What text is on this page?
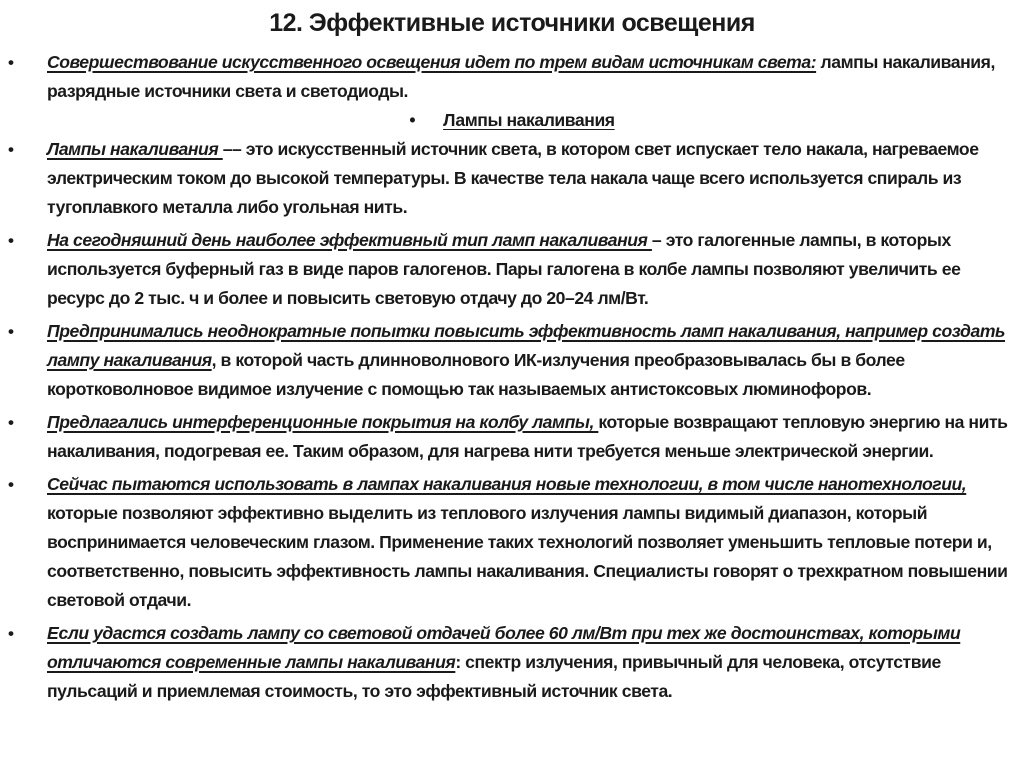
12. Эффективные источники освещения
• Совершествование искусственного освещения идет по трем видам источникам света: лампы накаливания, разрядные источники света и светодиоды.
• Лампы накаливания
• Лампы накаливания –– это искусственный источник света, в котором свет испускает тело накала, нагреваемое электрическим током до высокой температуры. В качестве тела накала чаще всего используется спираль из тугоплавкого металла либо угольная нить.
• На сегодняшний день наиболее эффективный тип ламп накаливания – это галогенные лампы, в которых используется буферный газ в виде паров галогенов. Пары галогена в колбе лампы позволяют увеличить ее ресурс до 2 тыс. ч и более и повысить световую отдачу до 20–24 лм/Вт.
• Предпринимались неоднократные попытки повысить эффективность ламп накаливания, например создать лампу накаливания, в которой часть длинноволнового ИК-излучения преобразовывалась бы в более коротковолновое видимое излучение с помощью так называемых антистоксовых люминофоров.
• Предлагались интерференционные покрытия на колбу лампы, которые возвращают тепловую энергию на нить накаливания, подогревая ее. Таким образом, для нагрева нити требуется меньше электрической энергии.
• Сейчас пытаются использовать в лампах накаливания новые технологии, в том числе нанотехнологии, которые позволяют эффективно выделить из теплового излучения лампы видимый диапазон, который воспринимается человеческим глазом. Применение таких технологий позволяет уменьшить тепловые потери и, соответственно, повысить эффективность лампы накаливания. Специалисты говорят о трехкратном повышении световой отдачи.
• Если удастся создать лампу со световой отдачей более 60 лм/Вт при тех же достоинствах, которыми отличаются современные лампы накаливания: спектр излучения, привычный для человека, отсутствие пульсаций и приемлемая стоимость, то это эффективный источник света.
